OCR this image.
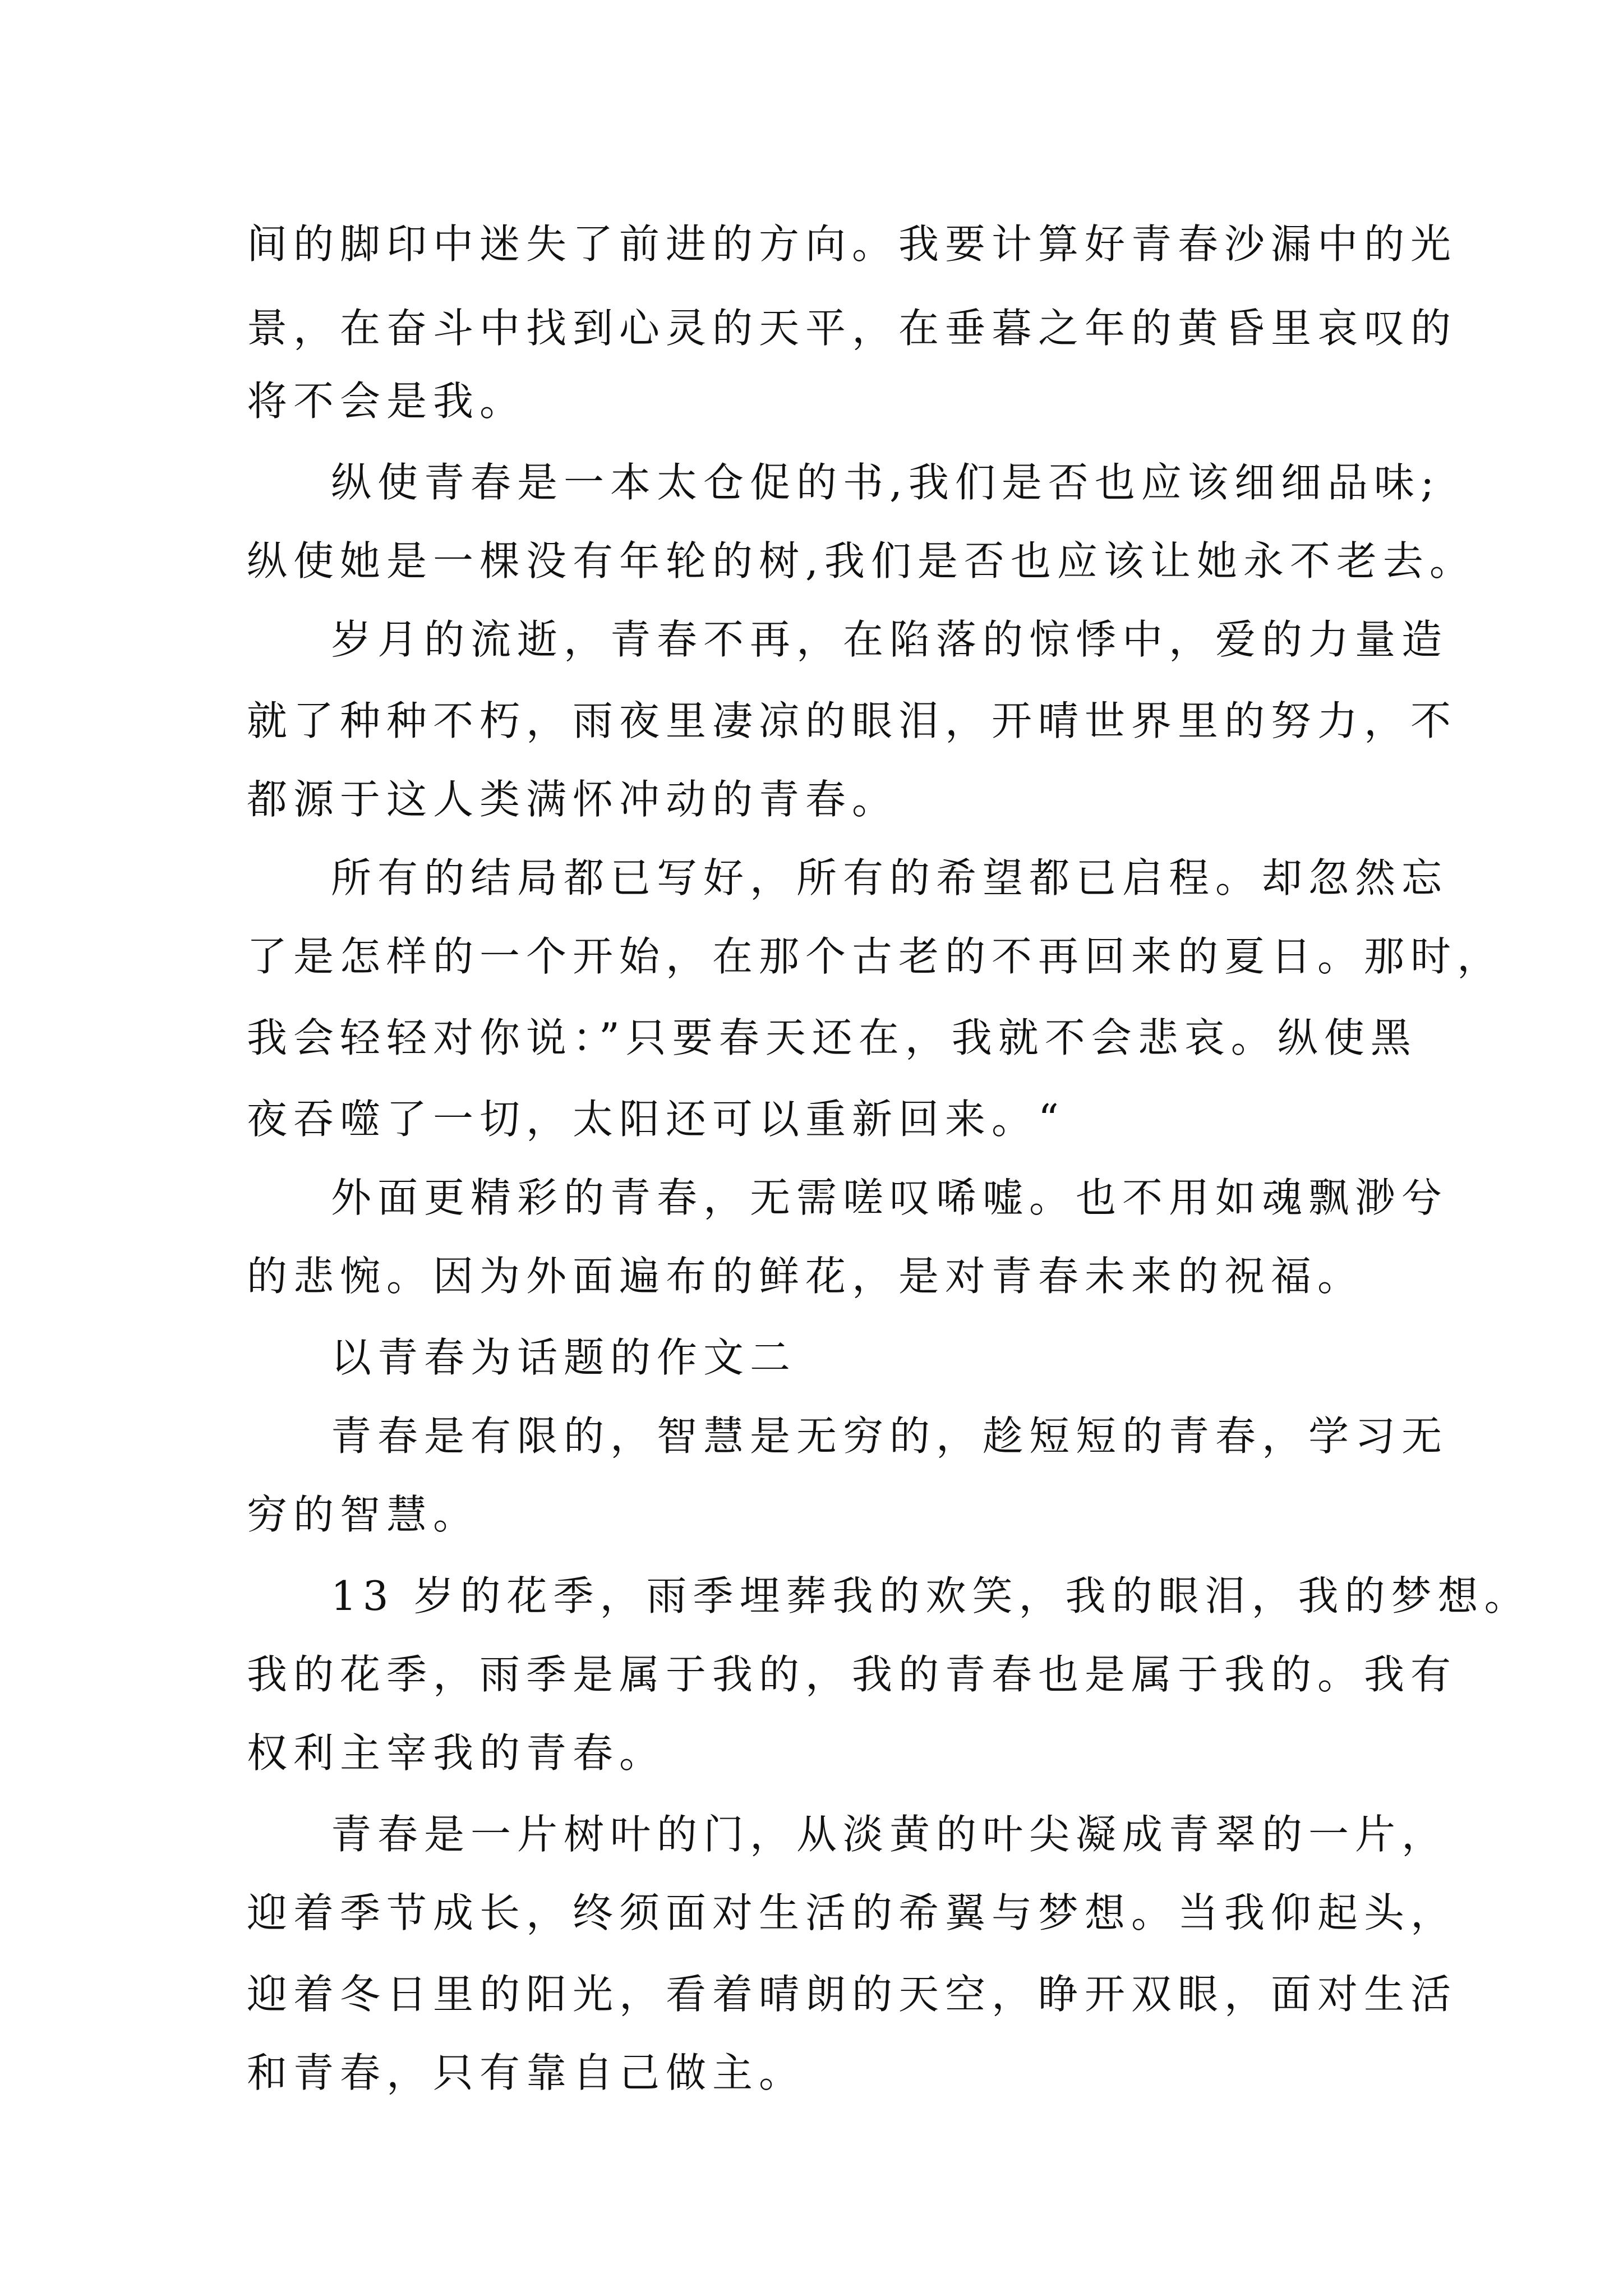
间的脚印中迷失了前进的方向。我要计算好青春沙漏中的光

景，在奋斗中找到心灵的天平，在垂暮之年的黄昏里哀叹的

将不会是我。

纵使青春是一本太仓促的书,我们是否也应该细细品味;

纵使她是一棵没有年轮的树,我们是否也应该让她永不老去。

岁月的流逝，青春不再，在陷落的惊悸中，爱的力量造

就了种种不朽，雨夜里凄凉的眼泪，开晴世界里的努力，不

都源于这人类满怀冲动的青春。

所有的结局都已写好，所有的希望都已启程。却忽然忘

了是怎样的一个开始，在那个古老的不再回来的夏日。那时，

我会轻轻对你说：”只要春天还在，我就不会悲哀。纵使黑

夜吞噬了一切，太阳还可以重新回来。“

外面更精彩的青春，无需嗟叹唏嘘。也不用如魂飘渺兮

的悲惋。因为外面遍布的鲜花，是对青春未来的祝福。

以青春为话题的作文二

青春是有限的，智慧是无穷的，趁短短的青春，学习无

穷的智慧。

13 岁的花季，雨季埋葬我的欢笑，我的眼泪，我的梦想。

我的花季，雨季是属于我的，我的青春也是属于我的。我有

权利主宰我的青春。

青春是一片树叶的门，从淡黄的叶尖凝成青翠的一片，

迎着季节成长，终须面对生活的希翼与梦想。当我仰起头，

迎着冬日里的阳光，看着晴朗的天空，睁开双眼，面对生活

和青春，只有靠自己做主。
